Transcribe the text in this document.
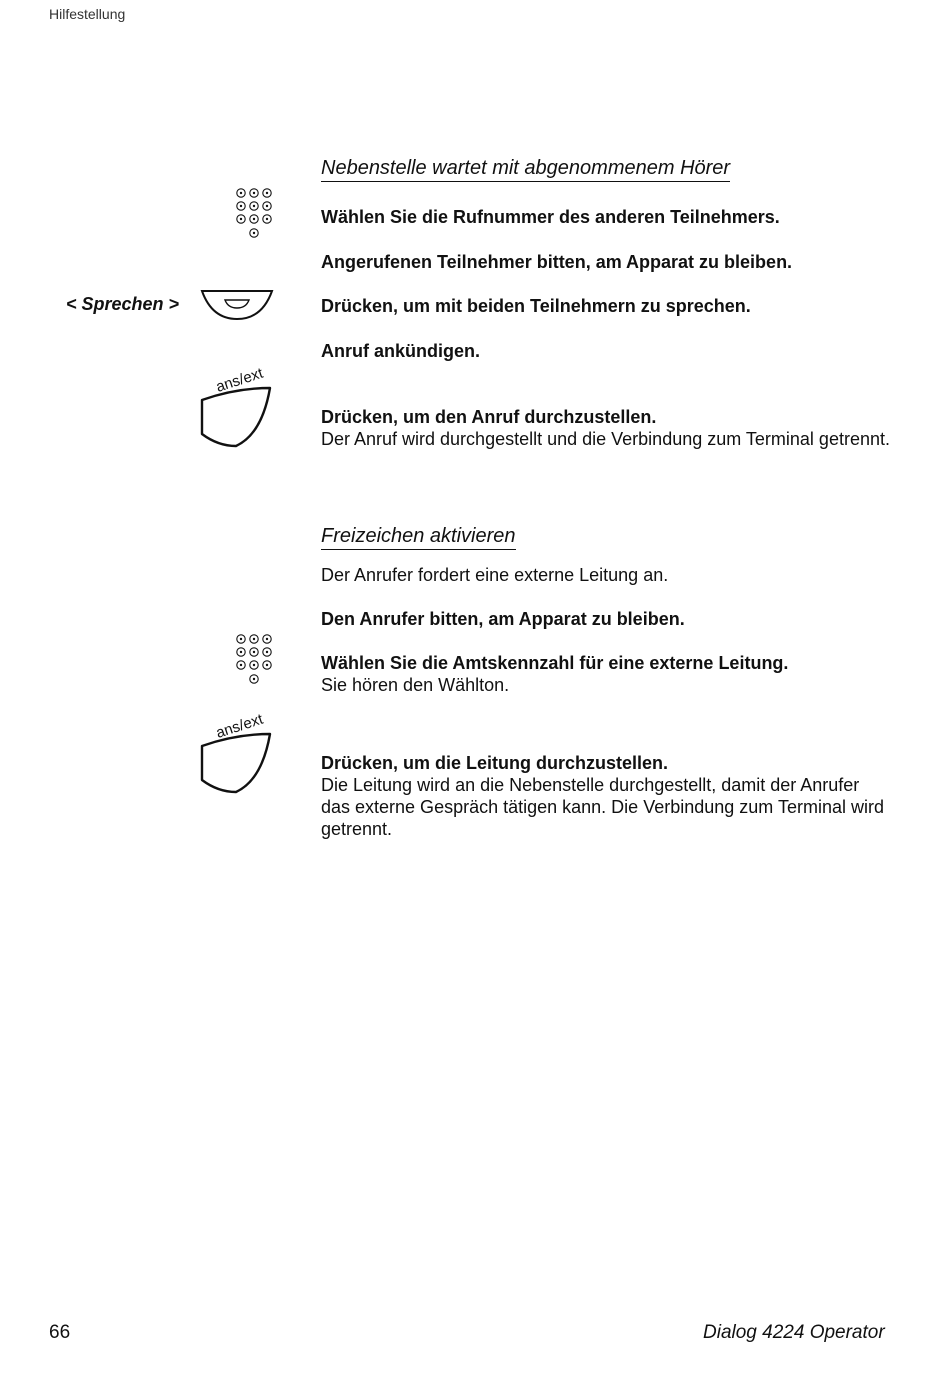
Hilfestellung
Nebenstelle wartet mit abgenommenem Hörer
Wählen Sie die Rufnummer des anderen Teilnehmers.
Angerufenen Teilnehmer bitten, am Apparat zu bleiben.
< Sprechen >	Drücken, um mit beiden Teilnehmern zu sprechen.
Anruf ankündigen.
ans/ext
Drücken, um den Anruf durchzustellen.
Der Anruf wird durchgestellt und die Verbindung zum Terminal getrennt.
Freizeichen aktivieren
Der Anrufer fordert eine externe Leitung an.
Den Anrufer bitten, am Apparat zu bleiben.
Wählen Sie die Amtskennzahl für eine externe Leitung.
Sie hören den Wählton.
ans/ext
Drücken, um die Leitung durchzustellen.
Die Leitung wird an die Nebenstelle durchgestellt, damit der Anrufer das externe Gespräch tätigen kann. Die Verbindung zum Terminal wird getrennt.
66	Dialog 4224 Operator
